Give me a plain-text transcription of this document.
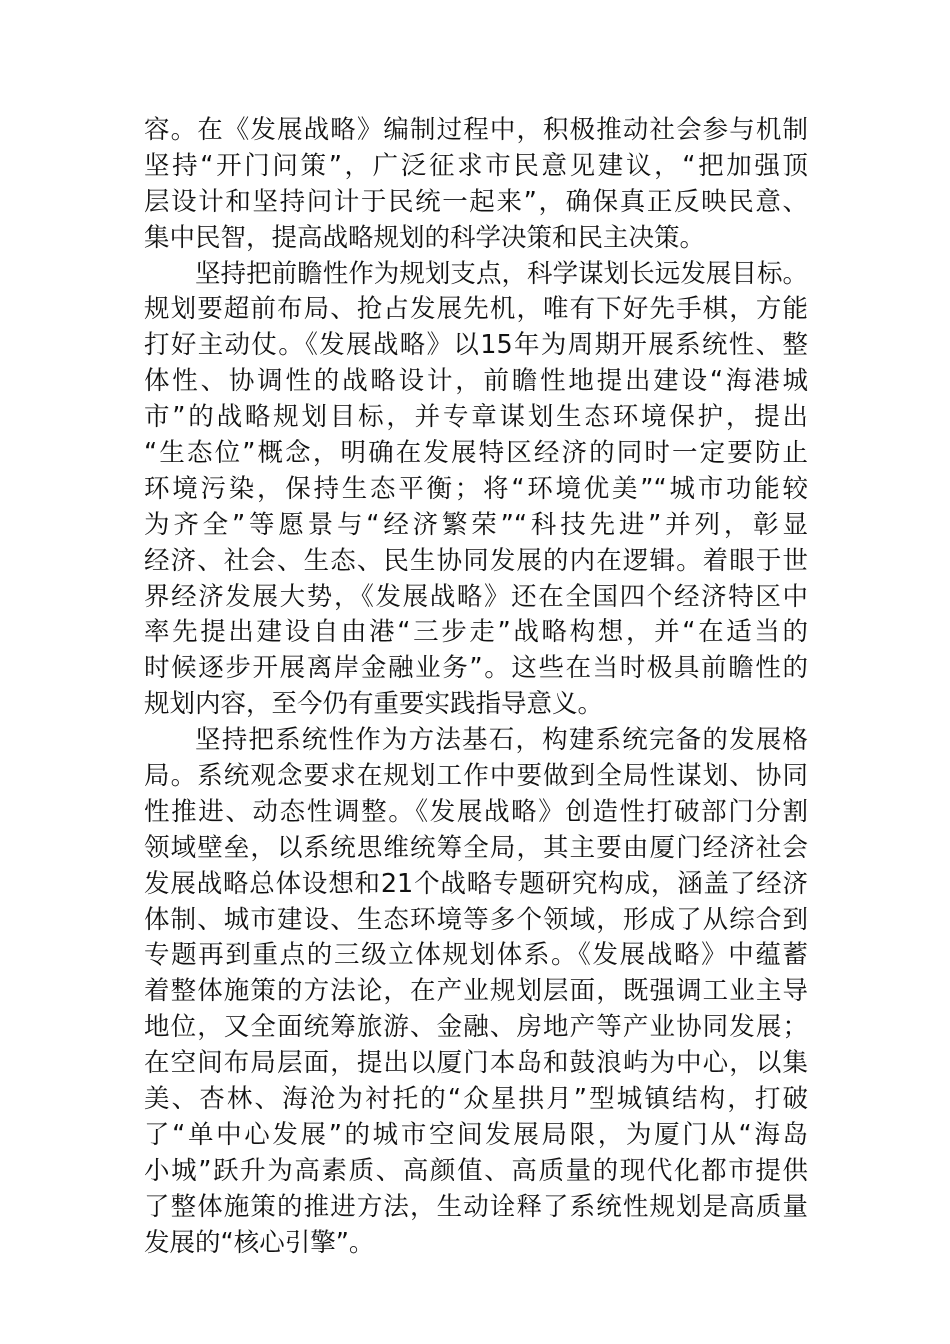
容。在《发展战略》编制过程中，积极推动社会参与机制
坚持“开门问策”，广泛征求市民意见建议，“把加强顶
层设计和坚持问计于民统一起来”，确保真正反映民意、
集中民智，提高战略规划的科学决策和民主决策。
坚持把前瞻性作为规划支点，科学谋划长远发展目标。
规划要超前布局、抢占发展先机，唯有下好先手棋，方能
打好主动仗。《发展战略》以15年为周期开展系统性、整
体性、协调性的战略设计，前瞻性地提出建设“海港城
市”的战略规划目标，并专章谋划生态环境保护，提出
“生态位”概念，明确在发展特区经济的同时一定要防止
环境污染，保持生态平衡；将“环境优美”“城市功能较
为齐全”等愿景与“经济繁荣”“科技先进”并列，彰显
经济、社会、生态、民生协同发展的内在逻辑。着眼于世
界经济发展大势，《发展战略》还在全国四个经济特区中
率先提出建设自由港“三步走”战略构想，并“在适当的
时候逐步开展离岸金融业务”。这些在当时极具前瞻性的
规划内容，至今仍有重要实践指导意义。
坚持把系统性作为方法基石，构建系统完备的发展格
局。系统观念要求在规划工作中要做到全局性谋划、协同
性推进、动态性调整。《发展战略》创造性打破部门分割
领域壁垒，以系统思维统筹全局，其主要由厦门经济社会
发展战略总体设想和21个战略专题研究构成，涵盖了经济
体制、城市建设、生态环境等多个领域，形成了从综合到
专题再到重点的三级立体规划体系。《发展战略》中蕴蓄
着整体施策的方法论，在产业规划层面，既强调工业主导
地位，又全面统筹旅游、金融、房地产等产业协同发展；
在空间布局层面，提出以厦门本岛和鼓浪屿为中心，以集
美、杏林、海沧为衬托的“众星拱月”型城镇结构，打破
了“单中心发展”的城市空间发展局限，为厦门从“海岛
小城”跃升为高素质、高颜值、高质量的现代化都市提供
了整体施策的推进方法，生动诠释了系统性规划是高质量
发展的“核心引擎”。
